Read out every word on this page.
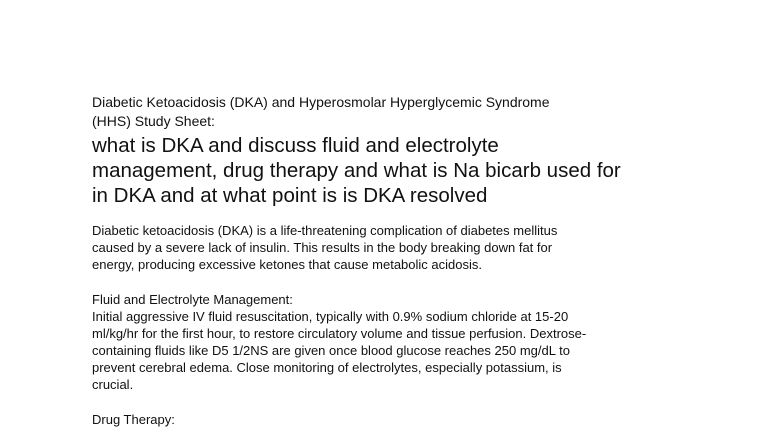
Diabetic Ketoacidosis (DKA) and Hyperosmolar Hyperglycemic Syndrome
(HHS) Study Sheet:

what is DKA and discuss fluid and electrolyte
management, drug therapy and what is Na bicarb used for
in DKA and at what point is is DKA resolved

Diabetic ketoacidosis (DKA) is a life-threatening complication of diabetes mellitus
caused by a severe lack of insulin. This results in the body breaking down fat for
energy, producing excessive ketones that cause metabolic acidosis.

Fluid and Electrolyte Management:

Initial aggressive IV fluid resuscitation, typically with 0.9% sodium chloride at 15-20
ml/kg/hr for the first hour, to restore circulatory volume and tissue perfusion. Dextrose-
containing fluids like D5 1/2NS are given once blood glucose reaches 250 mg/dL to
prevent cerebral edema. Close monitoring of electrolytes, especially potassium, is
crucial.

Drug Therapy:
